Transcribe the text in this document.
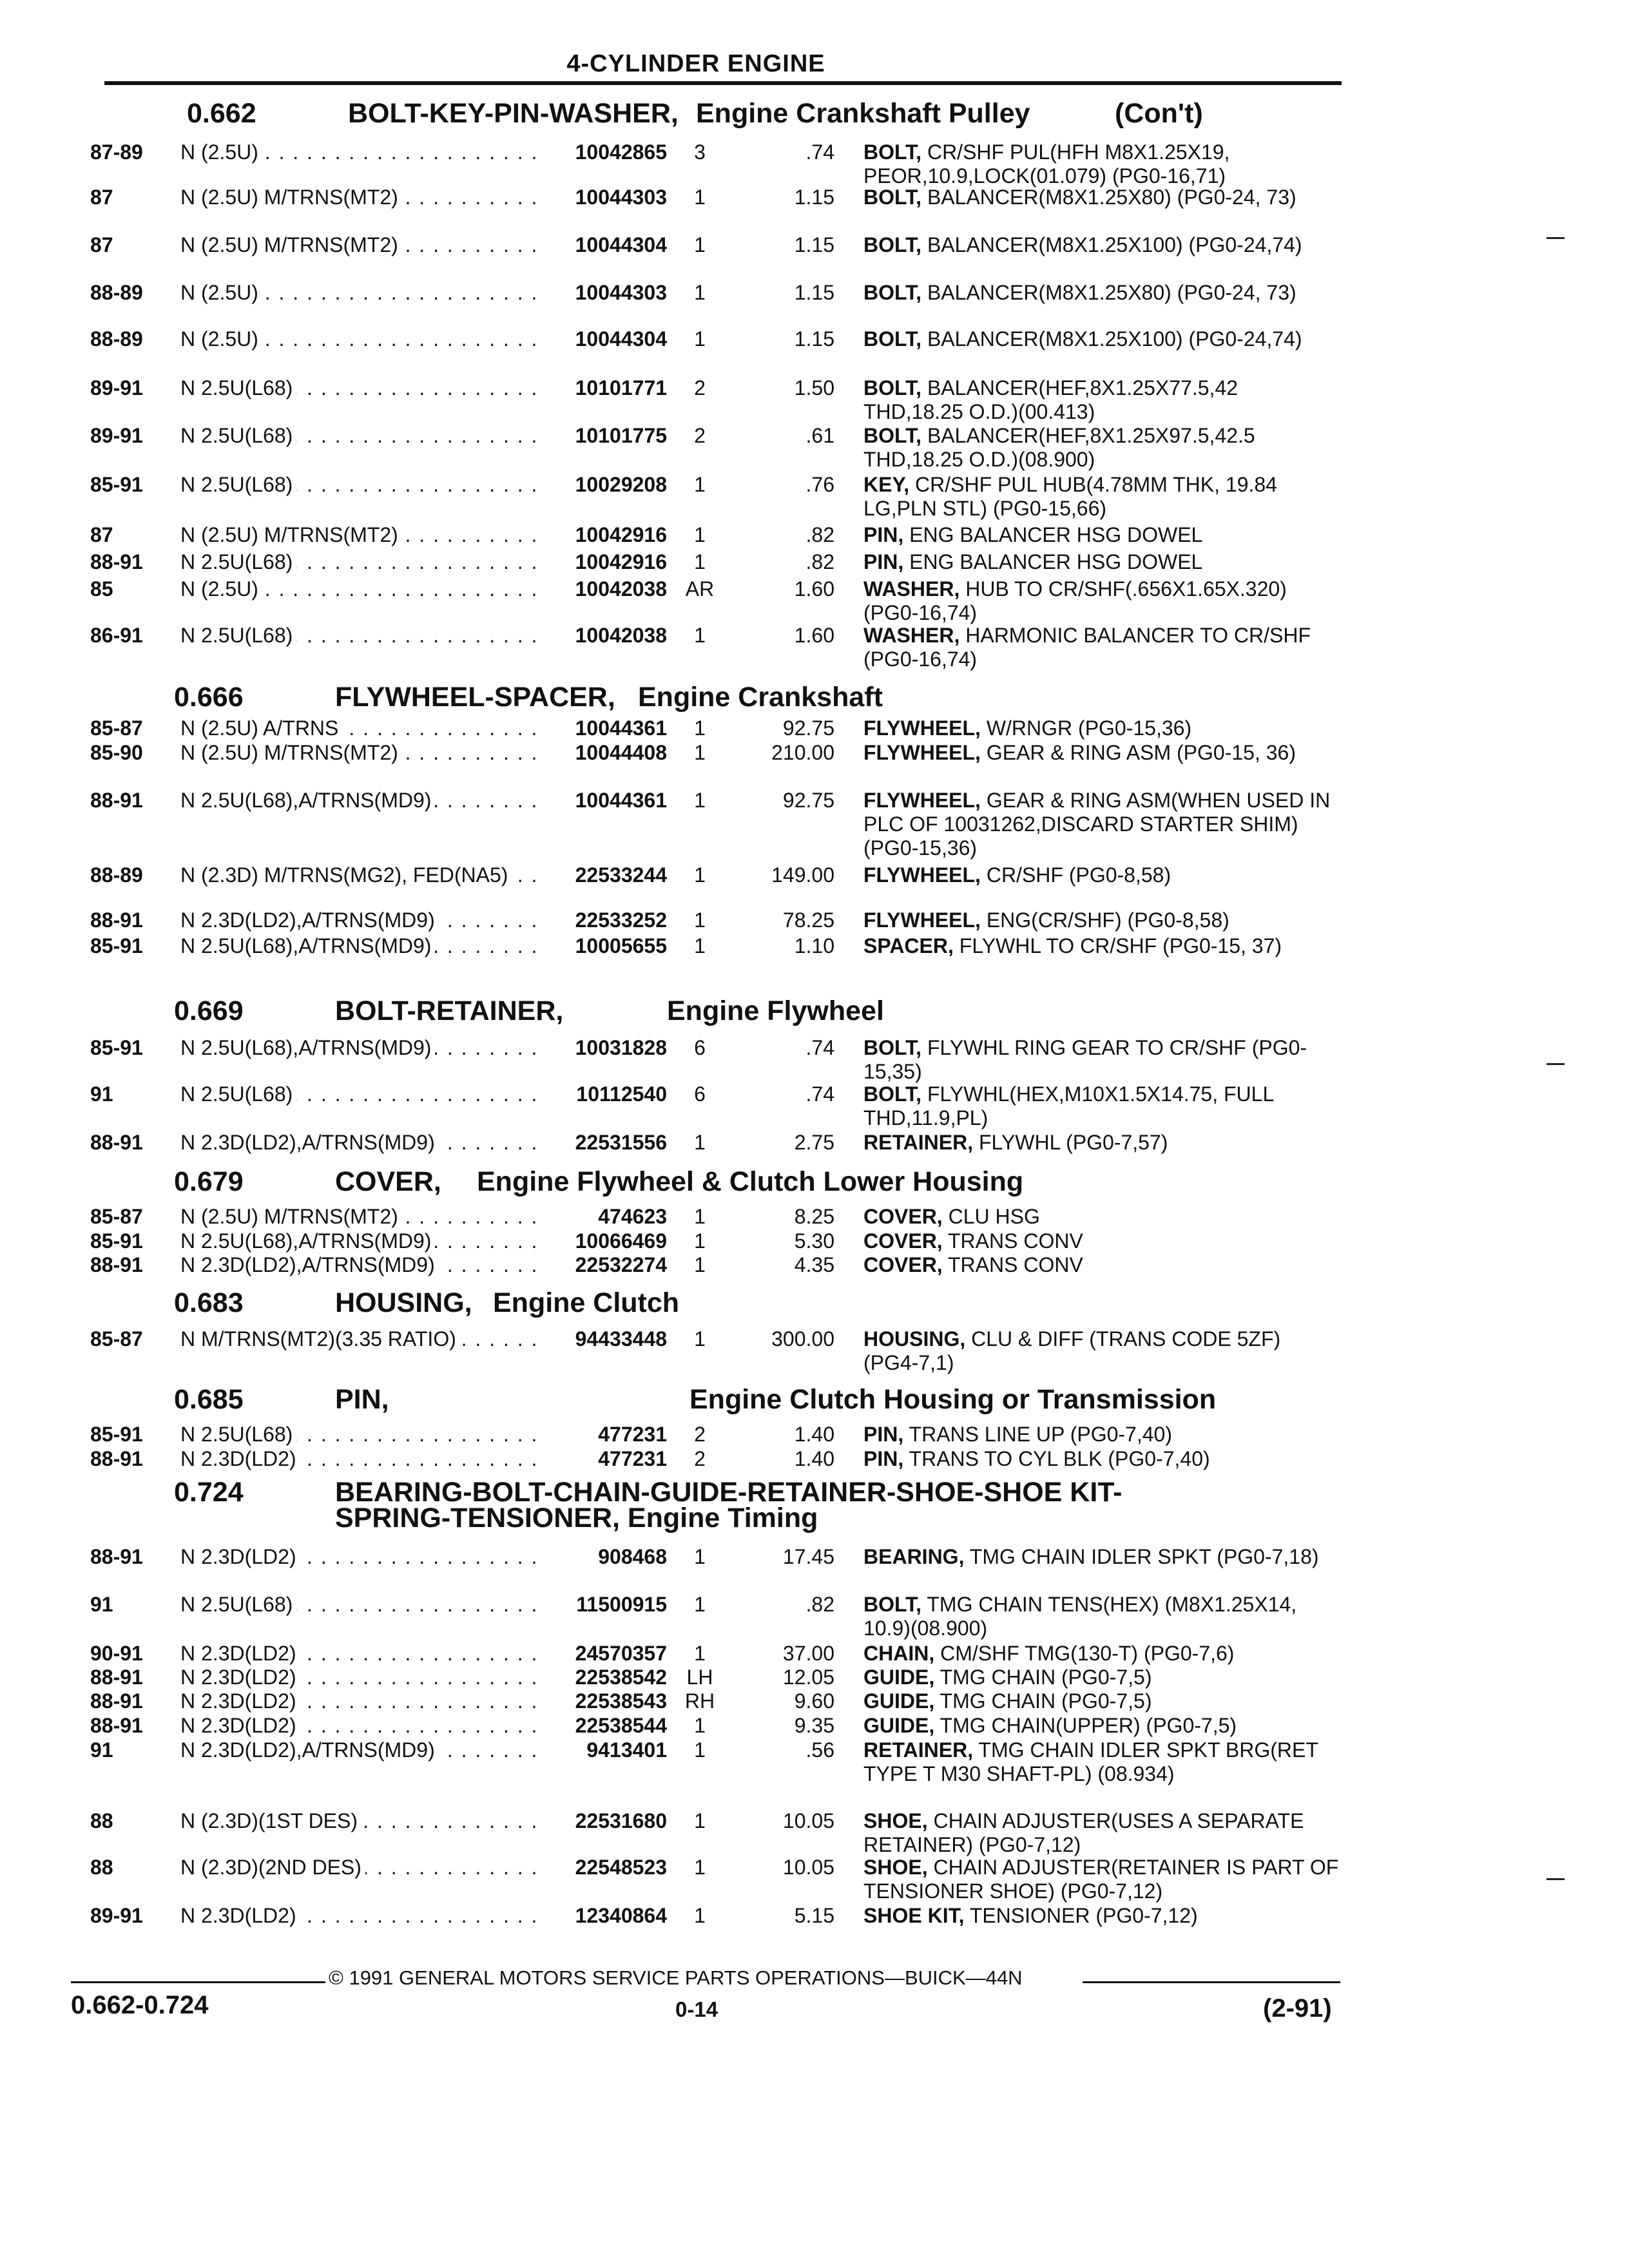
4-CYLINDER ENGINE
0.662	BOLT-KEY-PIN-WASHER, Engine Crankshaft Pulley	(Con't)
87-89 N (2.5U) . . .	10042865	3	.74 BOLT, CR/SHF PUL(HFH M8X1.25X19, PEOR,10.9,LOCK(01.079) (PG0-16,71)
87	N (2.5U) M/TRNS(MT2) . . .	10044303	1	1.15 BOLT, BALANCER(M8X1.25X80) (PG0-24, 73)
87	N (2.5U) M/TRNS(MT2) . . .	10044304	1	1.15 BOLT, BALANCER(M8X1.25X100) (PG0-24,74)
88-89 N (2.5U) . . .	10044303	1	1.15 BOLT, BALANCER(M8X1.25X80) (PG0-24, 73)
88-89 N (2.5U) . . .	10044304	1	1.15 BOLT, BALANCER(M8X1.25X100) (PG0-24,74)
89-91 N 2.5U(L68) . . .	10101771	2	1.50 BOLT, BALANCER(HEF,8X1.25X77.5,42 THD,18.25 O.D.)(00.413)
89-91 N 2.5U(L68) . . .	10101775	2	.61 BOLT, BALANCER(HEF,8X1.25X97.5,42.5 THD,18.25 O.D.)(08.900)
85-91 N 2.5U(L68) . . .	10029208	1	.76 KEY, CR/SHF PUL HUB(4.78MM THK, 19.84 LG,PLN STL) (PG0-15,66)
87	N (2.5U) M/TRNS(MT2) . . .	10042916	1	.82 PIN, ENG BALANCER HSG DOWEL
88-91 N 2.5U(L68) . . .	10042916	1	.82 PIN, ENG BALANCER HSG DOWEL
85	N (2.5U) . . .	10042038 AR	1.60 WASHER, HUB TO CR/SHF(.656X1.65X.320) (PG0-16,74)
86-91 N 2.5U(L68) . . .	10042038	1	1.60 WASHER, HARMONIC BALANCER TO CR/SHF (PG0-16,74)
0.666	FLYWHEEL-SPACER, Engine Crankshaft
85-87 N (2.5U) A/TRNS . . .	10044361	1	92.75 FLYWHEEL, W/RNGR (PG0-15,36)
85-90 N (2.5U) M/TRNS(MT2) . . .	10044408	1	210.00 FLYWHEEL, GEAR & RING ASM (PG0-15, 36)
88-91 N 2.5U(L68),A/TRNS(MD9) . . .	10044361	1	92.75 FLYWHEEL, GEAR & RING ASM(WHEN USED IN PLC OF 10031262,DISCARD STARTER SHIM) (PG0-15,36)
88-89 N (2.3D) M/TRNS(MG2), FED(NA5) . . .	22533244	1	149.00 FLYWHEEL, CR/SHF (PG0-8,58)
88-91 N 2.3D(LD2),A/TRNS(MD9) . . .	22533252	1	78.25 FLYWHEEL, ENG(CR/SHF) (PG0-8,58)
85-91 N 2.5U(L68),A/TRNS(MD9) . . .	10005655	1	1.10 SPACER, FLYWHL TO CR/SHF (PG0-15, 37)
0.669	BOLT-RETAINER,	Engine Flywheel
85-91 N 2.5U(L68),A/TRNS(MD9) . . .	10031828	6	.74 BOLT, FLYWHL RING GEAR TO CR/SHF (PG0-15,35)
91	N 2.5U(L68) . . .	10112540	6	.74 BOLT, FLYWHL(HEX,M10X1.5X14.75, FULL THD,11.9,PL)
88-91 N 2.3D(LD2),A/TRNS(MD9) . . .	22531556	1	2.75 RETAINER, FLYWHL (PG0-7,57)
0.679	COVER, Engine Flywheel & Clutch Lower Housing
85-87 N (2.5U) M/TRNS(MT2) . . .	474623	1	8.25 COVER, CLU HSG
85-91 N 2.5U(L68),A/TRNS(MD9) . . .	10066469	1	5.30 COVER, TRANS CONV
88-91 N 2.3D(LD2),A/TRNS(MD9) . . .	22532274	1	4.35 COVER, TRANS CONV
0.683	HOUSING, Engine Clutch
85-87 N M/TRNS(MT2)(3.35 RATIO) . . .	94433448	1	300.00 HOUSING, CLU & DIFF (TRANS CODE 5ZF) (PG4-7,1)
0.685	PIN,	Engine Clutch Housing or Transmission
85-91 N 2.5U(L68) . . .	477231	2	1.40 PIN, TRANS LINE UP (PG0-7,40)
88-91 N 2.3D(LD2) . . .	477231	2	1.40 PIN, TRANS TO CYL BLK (PG0-7,40)
0.724	BEARING-BOLT-CHAIN-GUIDE-RETAINER-SHOE-SHOE KIT-
SPRING-TENSIONER, Engine Timing
88-91 N 2.3D(LD2) . . .	908468	1	17.45 BEARING, TMG CHAIN IDLER SPKT (PG0-7,18)
91	N 2.5U(L68) . . .	11500915	1	.82 BOLT, TMG CHAIN TENS(HEX) (M8X1.25X14, 10.9)(08.900)
90-91 N 2.3D(LD2) . . .	24570357	1	37.00 CHAIN, CM/SHF TMG(130-T) (PG0-7,6)
88-91 N 2.3D(LD2) . . .	22538542 LH	12.05 GUIDE, TMG CHAIN (PG0-7,5)
88-91 N 2.3D(LD2) . . .	22538543 RH	9.60 GUIDE, TMG CHAIN (PG0-7,5)
88-91 N 2.3D(LD2) . . .	22538544	1	9.35 GUIDE, TMG CHAIN(UPPER) (PG0-7,5)
91	N 2.3D(LD2),A/TRNS(MD9) . . .	9413401	1	.56 RETAINER, TMG CHAIN IDLER SPKT BRG(RET TYPE T M30 SHAFT-PL) (08.934)
88	N (2.3D)(1ST DES) . . .	22531680	1	10.05 SHOE, CHAIN ADJUSTER(USES A SEPARATE RETAINER) (PG0-7,12)
88	N (2.3D)(2ND DES) . . .	22548523	1	10.05 SHOE, CHAIN ADJUSTER(RETAINER IS PART OF TENSIONER SHOE) (PG0-7,12)
89-91 N 2.3D(LD2) . . .	12340864	1	5.15 SHOE KIT, TENSIONER (PG0-7,12)
© 1991 GENERAL MOTORS SERVICE PARTS OPERATIONS—BUICK—44N
0.662-0.724	0-14	(2-91)
